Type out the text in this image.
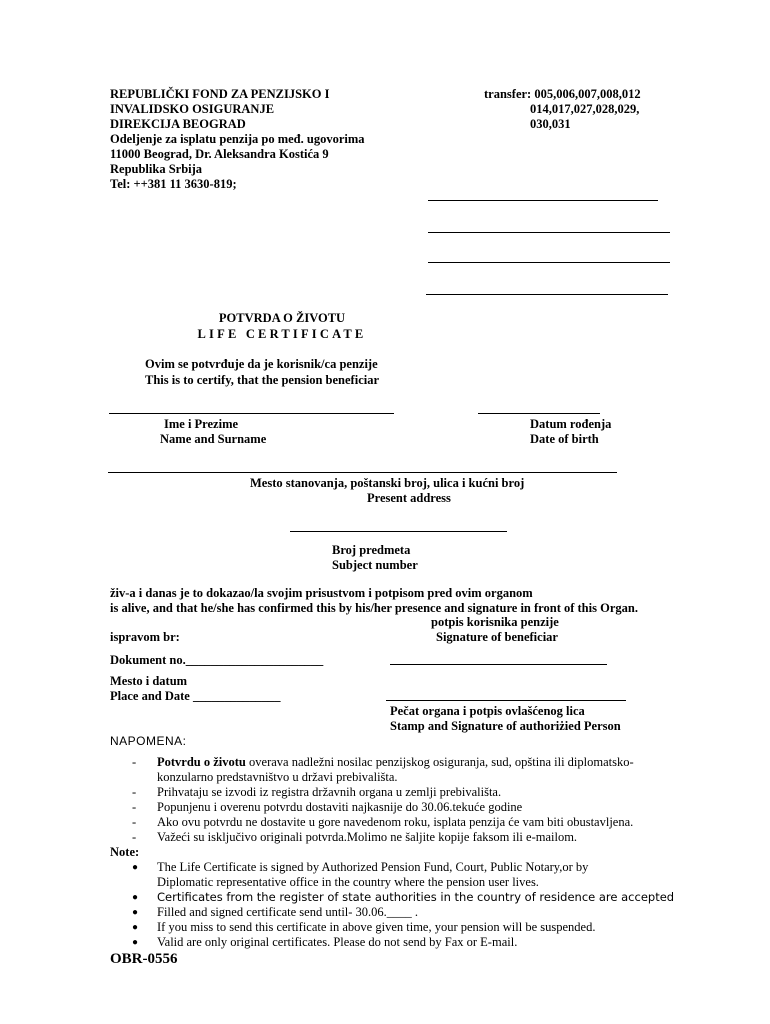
REPUBLIČKI FOND ZA PENZIJSKO I
INVALIDSKO OSIGURANJE
DIREKCIJA BEOGRAD
Odeljenje za isplatu penzija po međ. ugovorima
11000 Beograd, Dr. Aleksandra Kostića 9
Republika Srbija
Tel: ++381 11 3630-819;
transfer: 005,006,007,008,012
014,017,027,028,029,
030,031
POTVRDA O ŽIVOTU
LIFE CERTIFICATE
Ovim se potvrđuje da je korisnik/ca penzije
This is to certify, that the pension beneficiar
Ime i Prezime
Name and Surname
Datum rođenja
Date of birth
Mesto stanovanja, poštanski broj, ulica i kućni broj
Present address
Broj predmeta
Subject number
živ-a i danas je to dokazao/la svojim prisustvom i potpisom pred ovim organom
is alive, and that he/she has confirmed this by his/her presence and signature in front of this Organ.
potpis korisnika penzije
ispravom br:	Signature of beneficiar
Dokument no.______________________
Mesto i datum
Place and Date ______________
Pečat organa i potpis ovlašćenog lica
Stamp and Signature of authoriżied Person
NAPOMENA:
- Potvrdu o životu overava nadležni nosilac penzijskog osiguranja, sud, opština ili diplomatsko-
konzularno predstavništvo u državi prebivališta.
- Prihvataju se izvodi iz registra državnih organa u zemlji prebivališta.
- Popunjenu i overenu potvrdu dostaviti najkasnije do 30.06.tekuće godine
- Ako ovu potvrdu ne dostavite u gore navedenom roku, isplata penzija će vam biti obustavljena.
- Važeći su isključivo originali potvrda.Molimo ne šaljite kopije faksom ili e-mailom.
Note:
● The Life Certificate is signed by Authorized Pension Fund, Court, Public Notary,or by
Diplomatic representative office in the country where the pension user lives.
● Certificates from the register of state authorities in the country of residence are accepted
● Filled and signed certificate send until- 30.06.____ .
● If you miss to send this certificate in above given time, your pension will be suspended.
● Valid are only original certificates. Please do not send by Fax or E-mail.
OBR-0556
